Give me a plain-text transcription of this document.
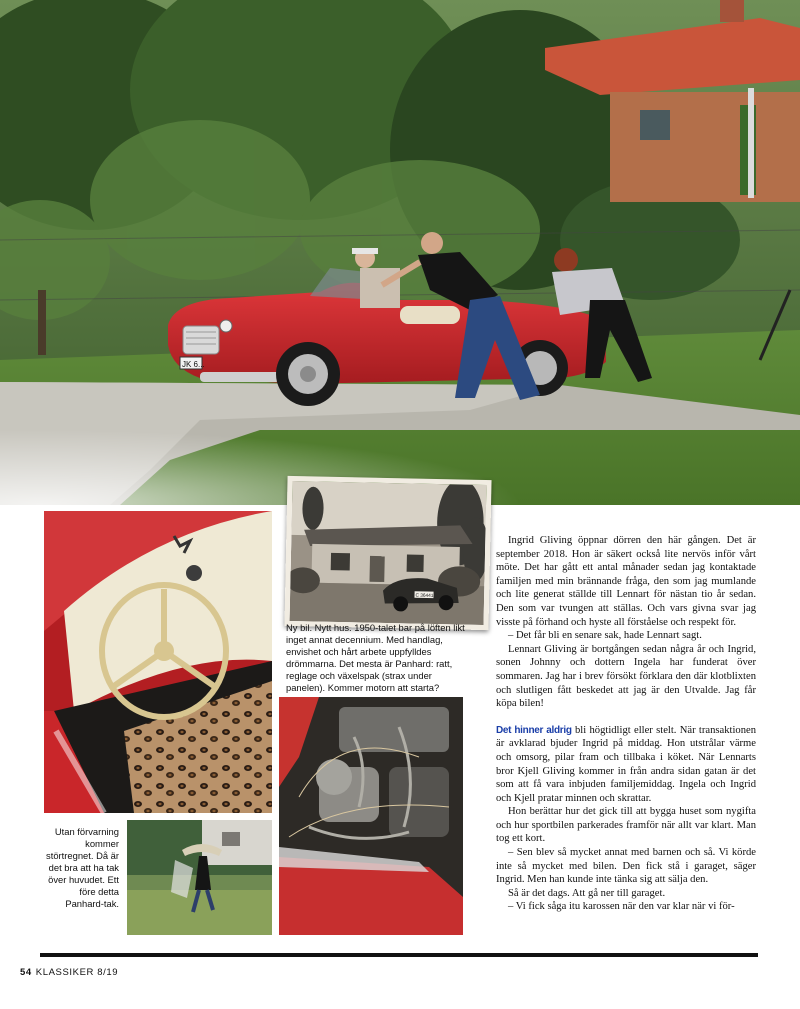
JK 6...
C 36441
Ny bil. Nytt hus. 1950-talet bar på löften likt inget annat decennium. Med handlag, envishet och hårt arbete uppfylldes drömmarna. Det mesta är Panhard: ratt, reglage och växelspak (strax under panelen). Kommer motorn att starta?
Utan förvarning kommer störtregnet. Då är det bra att ha tak över huvudet. Ett före detta Panhard-tak.

Ingrid Gliving öppnar dörren den här gången. Det är september 2018. Hon är säkert också lite nervös inför vårt möte. Det har gått ett antal månader sedan jag kontaktade familjen med min brännande fråga, den som jag mumlande och lite generat ställde till Lennart för nästan tio år sedan. Den som var tvungen att ställas. Och vars givna svar jag visste på förhand och hyste all förståelse och respekt för.

– Det får bli en senare sak, hade Lennart sagt.

Lennart Gliving är bortgången sedan några år och Ingrid, sonen Johnny och dottern Ingela har funderat över sommaren. Jag har i brev försökt förklara den där klotblixten och slutligen fått beskedet att jag är den Utvalde. Jag får köpa bilen!

Det hinner aldrig bli högtidligt eller stelt. När transaktionen är avklarad bjuder Ingrid på middag. Hon utstrålar värme och omsorg, pilar fram och tillbaka i köket. När Lennarts bror Kjell Gliving kommer in från andra sidan gatan är det som att få vara inbjuden familjemiddag. Ingela och Ingrid och Kjell pratar minnen och skrattar.

Hon berättar hur det gick till att bygga huset som nygifta och hur sportbilen parkerades framför när allt var klart. Man tog ett kort.

– Sen blev så mycket annat med barnen och så. Vi körde inte så mycket med bilen. Den fick stå i garaget, säger Ingrid. Men han kunde inte tänka sig att sälja den.

Så är det dags. Att gå ner till garaget.

– Vi fick såga itu karossen när den var klar när vi för-

54 KLASSIKER 8/19
